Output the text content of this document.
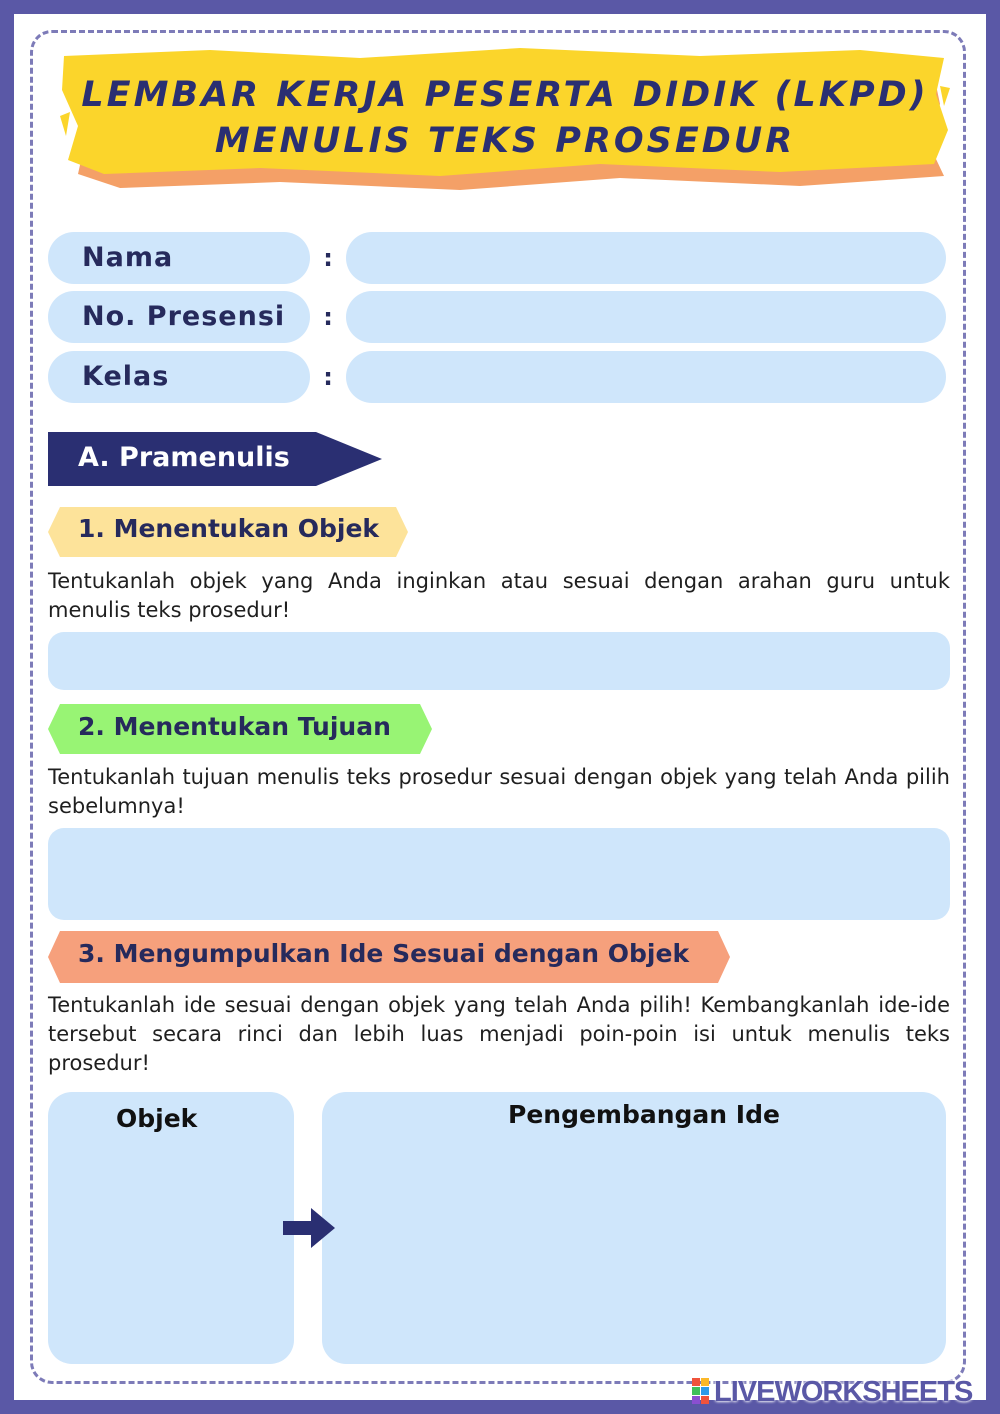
LEMBAR KERJA PESERTA DIDIK (LKPD)
MENULIS TEKS PROSEDUR
Nama	:
No. Presensi	:
Kelas	:
A. Pramenulis
1. Menentukan Objek

Tentukanlah objek yang Anda inginkan atau sesuai dengan arahan guru untuk menulis teks prosedur!

2. Menentukan Tujuan

Tentukanlah tujuan menulis teks prosedur sesuai dengan objek yang telah Anda pilih sebelumnya!

3. Mengumpulkan Ide Sesuai dengan Objek

Tentukanlah ide sesuai dengan objek yang telah Anda pilih! Kembangkanlah ide-ide tersebut secara rinci dan lebih luas menjadi poin-poin isi untuk menulis teks prosedur!

Objek	Pengembangan Ide
LIVEWORKSHEETS
